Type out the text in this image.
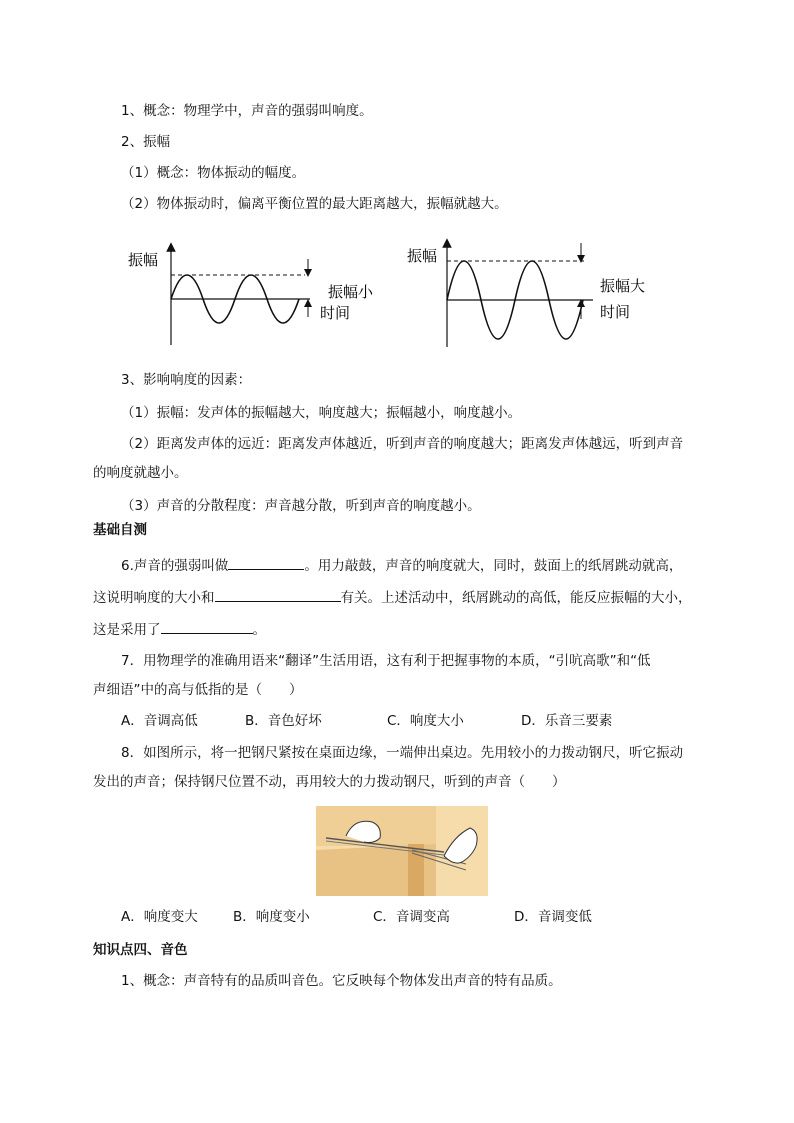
1、概念：物理学中，声音的强弱叫响度。
2、振幅
（1）概念：物体振动的幅度。
（2）物体振动时，偏离平衡位置的最大距离越大，振幅就越大。
振幅
振幅小
时间
振幅
振幅大
时间
3、影响响度的因素：
（1）振幅：发声体的振幅越大，响度越大；振幅越小，响度越小。
（2）距离发声体的远近：距离发声体越近，听到声音的响度越大；距离发声体越远，听到声音
的响度就越小。
（3）声音的分散程度：声音越分散，听到声音的响度越小。
基础自测
6.声音的强弱叫做	。用力敲鼓，声音的响度就大，同时，鼓面上的纸屑跳动就高，
这说明响度的大小和	有关。上述活动中，纸屑跳动的高低，能反应振幅的大小，
这是采用了	。
7．用物理学的准确用语来“翻译”生活用语，这有利于把握事物的本质，“引吭高歌”和“低
声细语”中的高与低指的是（　　）
A．音调高低	B．音色好坏	C．响度大小	D．乐音三要素
8．如图所示，将一把钢尺紧按在桌面边缘，一端伸出桌边。先用较小的力拨动钢尺，听它振动
发出的声音；保持钢尺位置不动，再用较大的力拨动钢尺，听到的声音（　　）
A．响度变大	B．响度变小	C．音调变高	D．音调变低
知识点四、音色
1、概念：声音特有的品质叫音色。它反映每个物体发出声音的特有品质。
